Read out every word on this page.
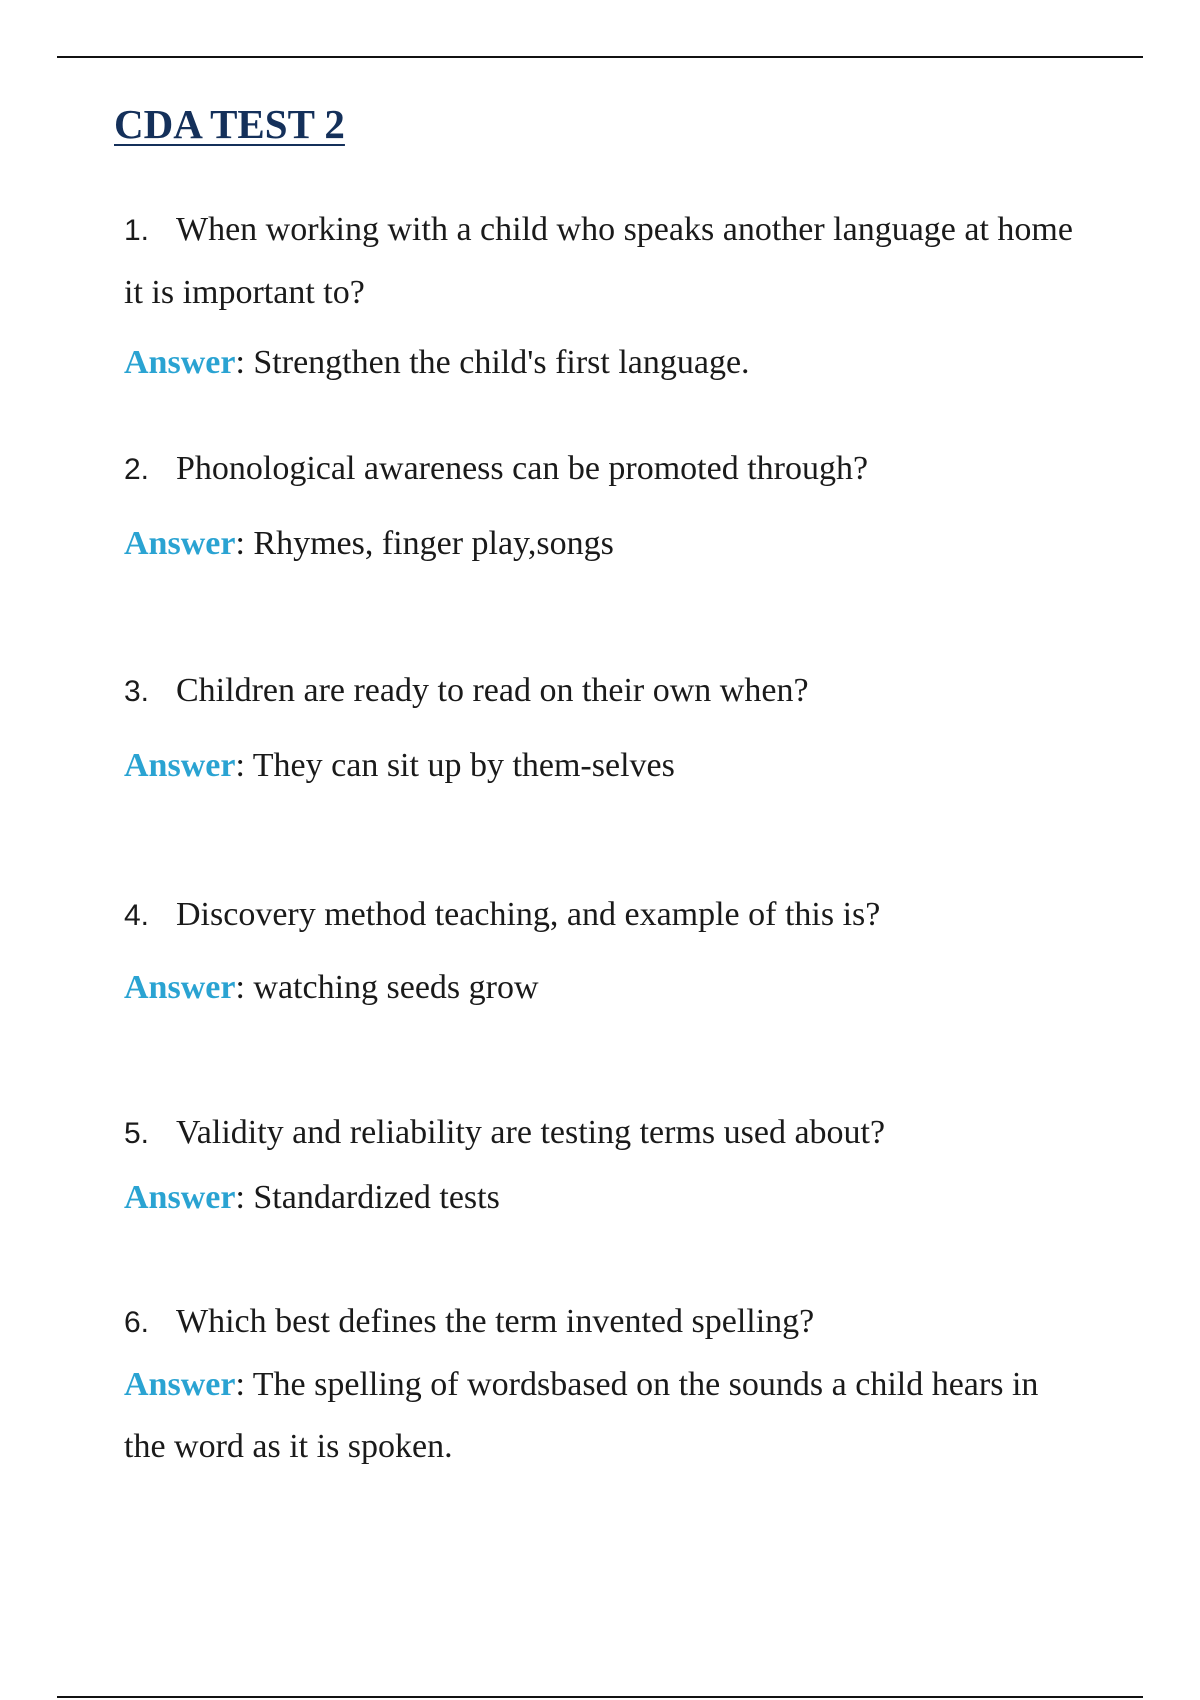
CDA TEST 2

1. When working with a child who speaks another language at home it is important to?

Answer: Strengthen the child's first language.

2. Phonological awareness can be promoted through?

Answer: Rhymes, finger play,songs

3. Children are ready to read on their own when?

Answer: They can sit up by them-selves

4. Discovery method teaching, and example of this is?

Answer: watching seeds grow

5. Validity and reliability are testing terms used about?

Answer: Standardized tests

6. Which best defines the term invented spelling?

Answer: The spelling of wordsbased on the sounds a child hears in the word as it is spoken.
